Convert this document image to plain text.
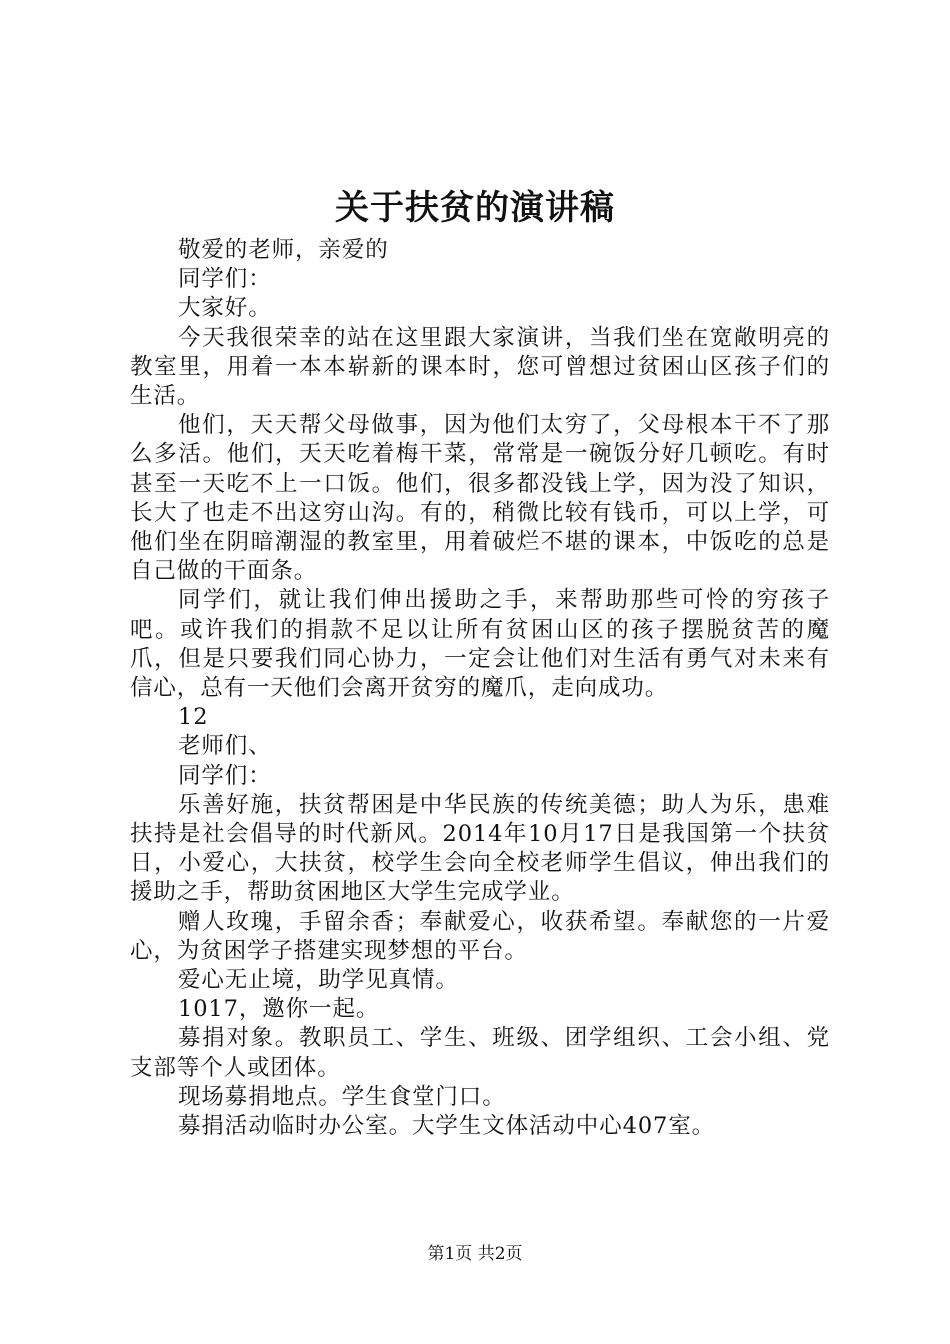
关于扶贫的演讲稿

敬爱的老师，亲爱的

同学们：

大家好。

今天我很荣幸的站在这里跟大家演讲，当我们坐在宽敞明亮的教室里，用着一本本崭新的课本时，您可曾想过贫困山区孩子们的生活。

他们，天天帮父母做事，因为他们太穷了，父母根本干不了那么多活。他们，天天吃着梅干菜，常常是一碗饭分好几顿吃。有时甚至一天吃不上一口饭。他们，很多都没钱上学，因为没了知识，长大了也走不出这穷山沟。有的，稍微比较有钱币，可以上学，可他们坐在阴暗潮湿的教室里，用着破烂不堪的课本，中饭吃的总是自己做的干面条。

同学们，就让我们伸出援助之手，来帮助那些可怜的穷孩子吧。或许我们的捐款不足以让所有贫困山区的孩子摆脱贫苦的魔爪，但是只要我们同心协力，一定会让他们对生活有勇气对未来有信心，总有一天他们会离开贫穷的魔爪，走向成功。

12

老师们、

同学们：

乐善好施，扶贫帮困是中华民族的传统美德；助人为乐，患难扶持是社会倡导的时代新风。2014年10月17日是我国第一个扶贫日，小爱心，大扶贫，校学生会向全校老师学生倡议，伸出我们的援助之手，帮助贫困地区大学生完成学业。

赠人玫瑰，手留余香；奉献爱心，收获希望。奉献您的一片爱心，为贫困学子搭建实现梦想的平台。

爱心无止境，助学见真情。

1017，邀你一起。

募捐对象。教职员工、学生、班级、团学组织、工会小组、党支部等个人或团体。

现场募捐地点。学生食堂门口。

募捐活动临时办公室。大学生文体活动中心407室。

第1页 共2页
